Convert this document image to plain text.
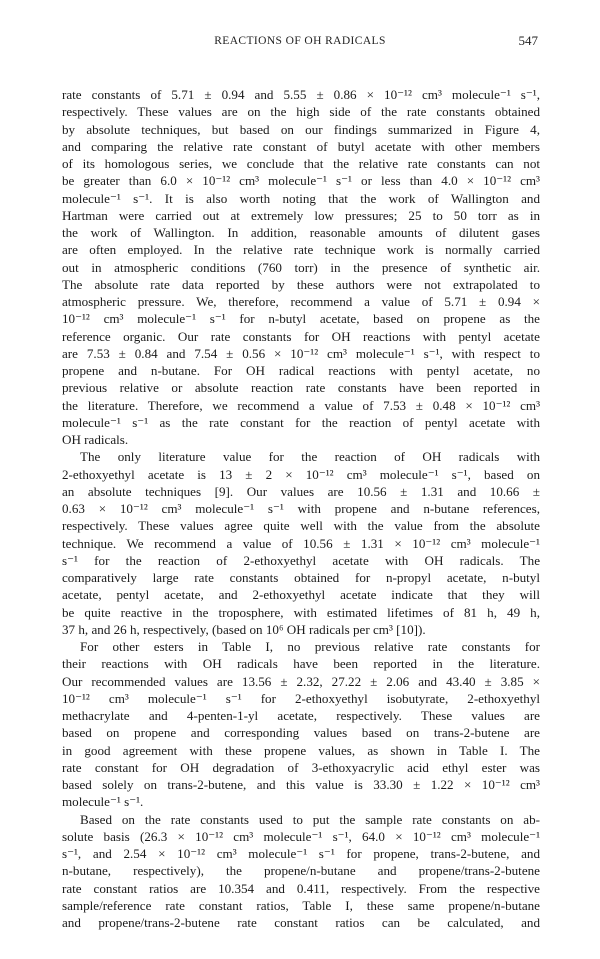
REACTIONS OF OH RADICALS	547
rate constants of 5.71 ± 0.94 and 5.55 ± 0.86 × 10⁻¹² cm³ molecule⁻¹ s⁻¹,
respectively. These values are on the high side of the rate constants obtained
by absolute techniques, but based on our findings summarized in Figure 4,
and comparing the relative rate constant of butyl acetate with other members
of its homologous series, we conclude that the relative rate constants can not
be greater than 6.0 × 10⁻¹² cm³ molecule⁻¹ s⁻¹ or less than 4.0 × 10⁻¹² cm³
molecule⁻¹ s⁻¹. It is also worth noting that the work of Wallington and
Hartman were carried out at extremely low pressures; 25 to 50 torr as in
the work of Wallington. In addition, reasonable amounts of dilutent gases
are often employed. In the relative rate technique work is normally carried
out in atmospheric conditions (760 torr) in the presence of synthetic air.
The absolute rate data reported by these authors were not extrapolated to
atmospheric pressure. We, therefore, recommend a value of 5.71 ± 0.94 ×
10⁻¹² cm³ molecule⁻¹ s⁻¹ for n-butyl acetate, based on propene as the
reference organic. Our rate constants for OH reactions with pentyl acetate
are 7.53 ± 0.84 and 7.54 ± 0.56 × 10⁻¹² cm³ molecule⁻¹ s⁻¹, with respect to
propene and n-butane. For OH radical reactions with pentyl acetate, no
previous relative or absolute reaction rate constants have been reported in
the literature. Therefore, we recommend a value of 7.53 ± 0.48 × 10⁻¹² cm³
molecule⁻¹ s⁻¹ as the rate constant for the reaction of pentyl acetate with
OH radicals.
The only literature value for the reaction of OH radicals with
2-ethoxyethyl acetate is 13 ± 2 × 10⁻¹² cm³ molecule⁻¹ s⁻¹, based on
an absolute techniques [9]. Our values are 10.56 ± 1.31 and 10.66 ±
0.63 × 10⁻¹² cm³ molecule⁻¹ s⁻¹ with propene and n-butane references,
respectively. These values agree quite well with the value from the absolute
technique. We recommend a value of 10.56 ± 1.31 × 10⁻¹² cm³ molecule⁻¹
s⁻¹ for the reaction of 2-ethoxyethyl acetate with OH radicals. The
comparatively large rate constants obtained for n-propyl acetate, n-butyl
acetate, pentyl acetate, and 2-ethoxyethyl acetate indicate that they will
be quite reactive in the troposphere, with estimated lifetimes of 81 h, 49 h,
37 h, and 26 h, respectively, (based on 10⁶ OH radicals per cm³ [10]).
For other esters in Table I, no previous relative rate constants for
their reactions with OH radicals have been reported in the literature.
Our recommended values are 13.56 ± 2.32, 27.22 ± 2.06 and 43.40 ± 3.85 ×
10⁻¹² cm³ molecule⁻¹ s⁻¹ for 2-ethoxyethyl isobutyrate, 2-ethoxyethyl
methacrylate and 4-penten-1-yl acetate, respectively. These values are
based on propene and corresponding values based on trans-2-butene are
in good agreement with these propene values, as shown in Table I. The
rate constant for OH degradation of 3-ethoxyacrylic acid ethyl ester was
based solely on trans-2-butene, and this value is 33.30 ± 1.22 × 10⁻¹² cm³
molecule⁻¹ s⁻¹.
Based on the rate constants used to put the sample rate constants on ab-
solute basis (26.3 × 10⁻¹² cm³ molecule⁻¹ s⁻¹, 64.0 × 10⁻¹² cm³ molecule⁻¹
s⁻¹, and 2.54 × 10⁻¹² cm³ molecule⁻¹ s⁻¹ for propene, trans-2-butene, and
n-butane, respectively), the propene/n-butane and propene/trans-2-butene
rate constant ratios are 10.354 and 0.411, respectively. From the respective
sample/reference rate constant ratios, Table I, these same propene/n-butane
and propene/trans-2-butene rate constant ratios can be calculated, and
